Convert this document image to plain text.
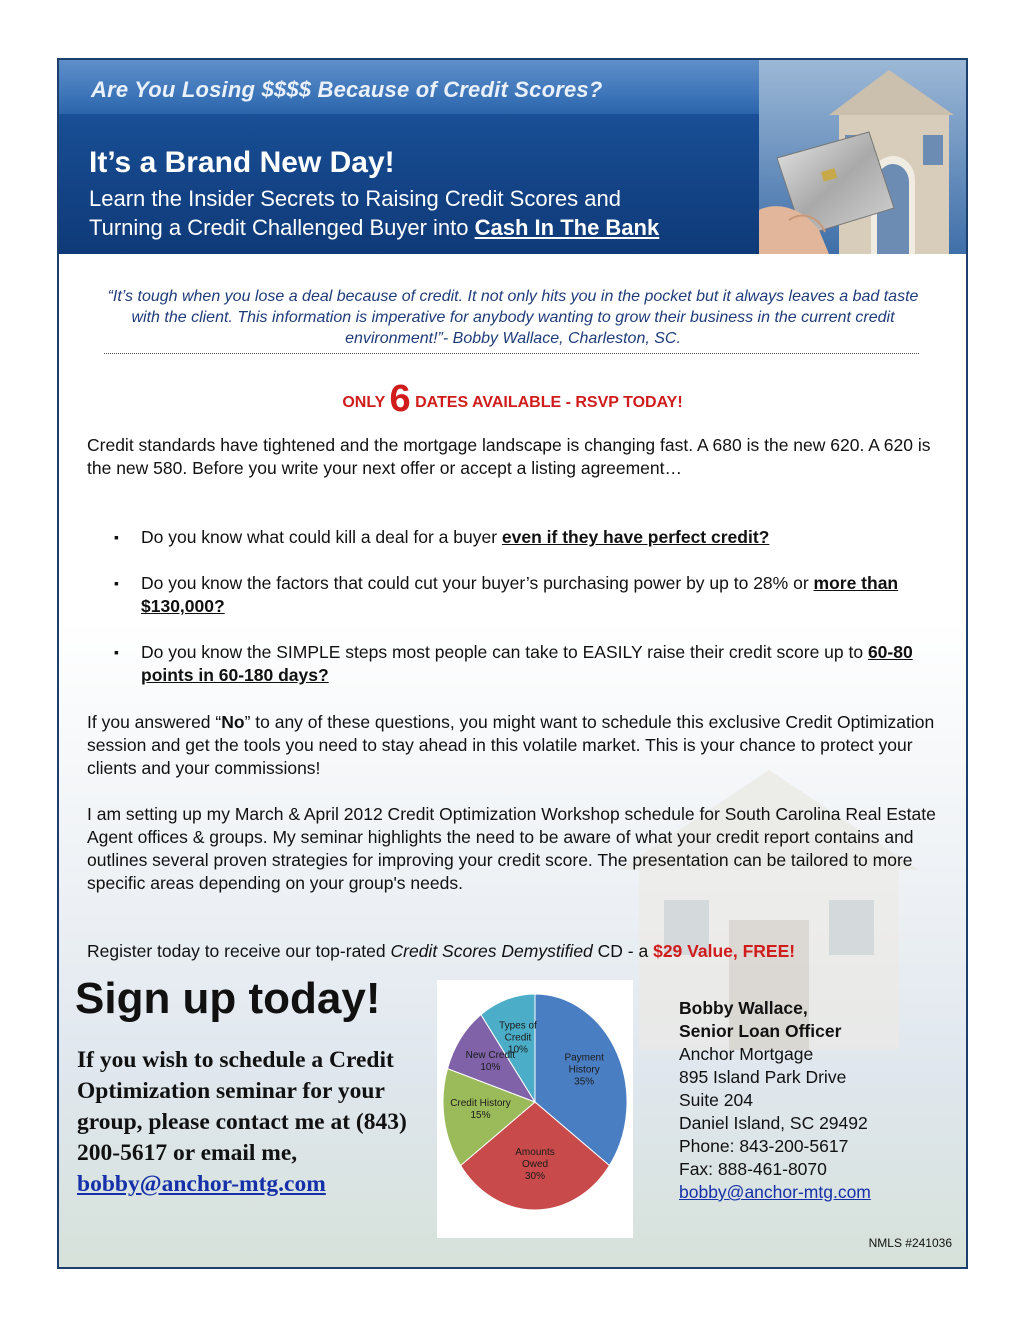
Are You Losing $$$$ Because of Credit Scores?
It’s a Brand New Day!
Learn the Insider Secrets to Raising Credit Scores and
Turning a Credit Challenged Buyer into Cash In The Bank
“It’s tough when you lose a deal because of credit. It not only hits you in the pocket but it always leaves a bad taste with the client. This information is imperative for anybody wanting to grow their business in the current credit environment!”- Bobby Wallace, Charleston, SC.
ONLY 6 DATES AVAILABLE - RSVP TODAY!
Credit standards have tightened and the mortgage landscape is changing fast. A 680 is the new 620. A 620 is the new 580. Before you write your next offer or accept a listing agreement…
▪ Do you know what could kill a deal for a buyer even if they have perfect credit?
▪ Do you know the factors that could cut your buyer’s purchasing power by up to 28% or more than $130,000?
▪ Do you know the SIMPLE steps most people can take to EASILY raise their credit score up to 60-80 points in 60-180 days?
If you answered “No” to any of these questions, you might want to schedule this exclusive Credit Optimization session and get the tools you need to stay ahead in this volatile market. This is your chance to protect your clients and your commissions!
I am setting up my March & April 2012 Credit Optimization Workshop schedule for South Carolina Real Estate Agent offices & groups. My seminar highlights the need to be aware of what your credit report contains and outlines several proven strategies for improving your credit score. The presentation can be tailored to more specific areas depending on your group's needs.
Register today to receive our top-rated Credit Scores Demystified CD - a $29 Value, FREE!
Sign up today!
If you wish to schedule a Credit Optimization seminar for your group, please contact me at (843) 200-5617 or email me,
bobby@anchor-mtg.com
Payment History 35%
Amounts Owed 30%
Credit History 15%
New Credit 10%
Types of Credit 10%
Bobby Wallace,
Senior Loan Officer
Anchor Mortgage
895 Island Park Drive
Suite 204
Daniel Island, SC 29492
Phone: 843-200-5617
Fax: 888-461-8070
bobby@anchor-mtg.com
NMLS #241036
